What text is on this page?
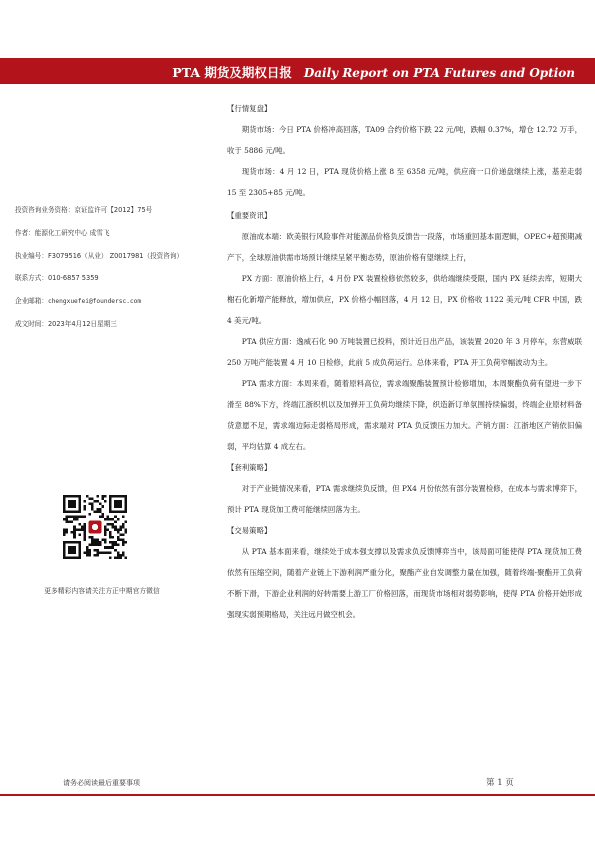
PTA 期货及期权日报 Daily Report on PTA Futures and Option
投资咨询业务资格：京证监许可【2012】75号
作者：能源化工研究中心 成雪飞
执业编号：F3079516（从业） Z0017981（投资咨询）
联系方式：010-6857 5359
企业邮箱：chengxuefei@foundersc.com
成文时间：2023年4月12日星期三
更多精彩内容请关注方正中期官方微信
【行情复盘】

期货市场：今日 PTA 价格冲高回落，TA09 合约价格下跌 22 元/吨，跌幅 0.37%，增仓 12.72 万手，收于 5886 元/吨。

现货市场：4 月 12 日，PTA 现货价格上涨 8 至 6358 元/吨，供应商一口价递盘继续上涨，基差走弱 15 至 2305+85 元/吨。

【重要资讯】

原油成本端：欧美银行风险事件对能源品价格负反馈告一段落，市场重回基本面逻辑，OPEC+超预期减产下，全球原油供需市场预计继续呈紧平衡态势，原油价格有望继续上行，

PX 方面：原油价格上行，4 月份 PX 装置检修依然较多，供给端继续受限，国内 PX 延续去库，短期大榭石化新增产能释放，增加供应，PX 价格小幅回落，4 月 12 日，PX 价格收 1122 美元/吨 CFR 中国，跌 4 美元/吨。

PTA 供应方面：逸威石化 90 万吨装置已投料，预计近日出产品，该装置 2020 年 3 月停车，东营威联 250 万吨产能装置 4 月 10 日检修，此前 5 成负荷运行。总体来看，PTA 开工负荷窄幅波动为主。

PTA 需求方面：本周来看，随着原料高位，需求端聚酯装置预计检修增加，本周聚酯负荷有望进一步下滑至 88%下方，终端江浙织机以及加弹开工负荷均继续下降，织造新订单氛围持续偏弱，终端企业原材料备货意愿不足，需求端边际走弱格局形成，需求端对 PTA 负反馈压力加大。产销方面：江浙地区产销依旧偏弱，平均估算 4 成左右。

【套利策略】

对于产业链情况来看，PTA 需求继续负反馈，但 PX4 月份依然有部分装置检修，在成本与需求博弈下，预计 PTA 现货加工费可能继续回落为主。

【交易策略】

从 PTA 基本面来看，继续处于成本强支撑以及需求负反馈博弈当中，该局面可能使得 PTA 现货加工费依然有压缩空间，随着产业链上下游利润严重分化，聚酯产业自发调整力量在加强，随着终端-聚酯开工负荷不断下滑，下游企业利润的好转需要上游工厂价格回落，而现货市场相对弱势影响，使得 PTA 价格开始形成强现实弱预期格局，关注远月做空机会。

请务必阅读最后重要事项	第 1 页
